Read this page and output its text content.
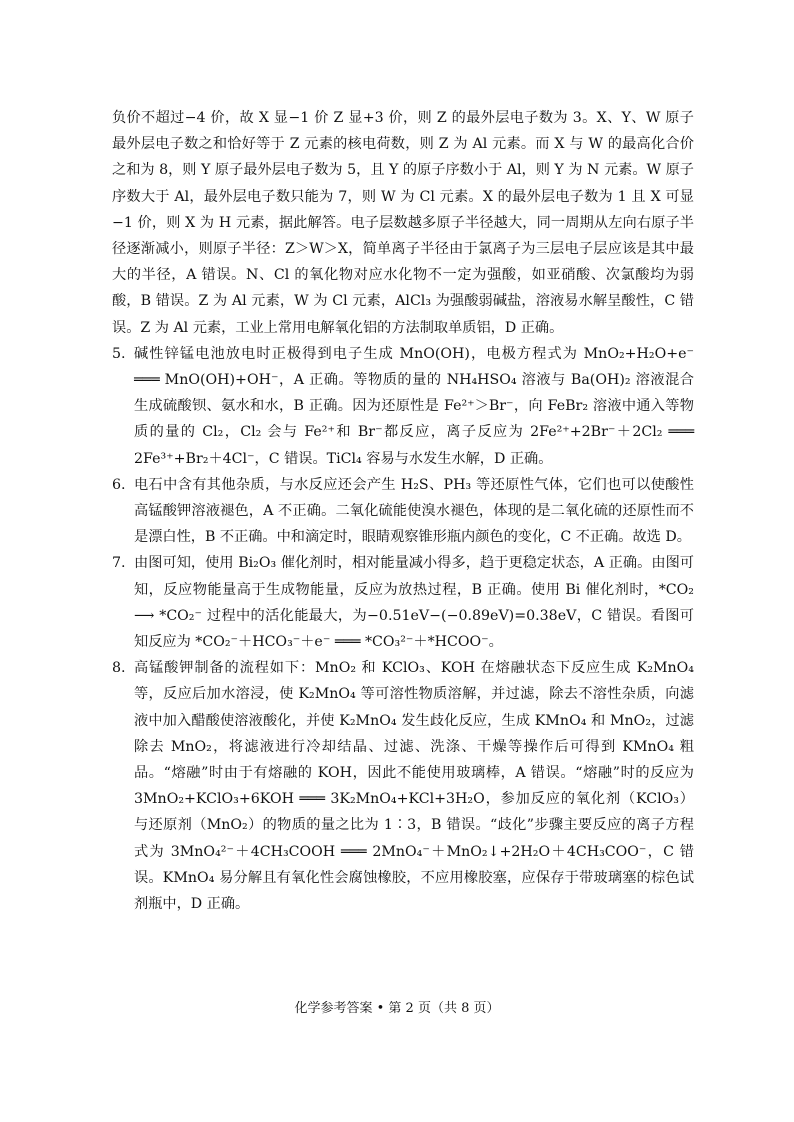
负价不超过−4 价，故 X 显−1 价 Z 显+3 价，则 Z 的最外层电子数为 3。X、Y、W 原子最外层电子数之和恰好等于 Z 元素的核电荷数，则 Z 为 Al 元素。而 X 与 W 的最高化合价之和为 8，则 Y 原子最外层电子数为 5，且 Y 的原子序数小于 Al，则 Y 为 N 元素。W 原子序数大于 Al，最外层电子数只能为 7，则 W 为 Cl 元素。X 的最外层电子数为 1 且 X 可显−1 价，则 X 为 H 元素，据此解答。电子层数越多原子半径越大，同一周期从左向右原子半径逐渐减小，则原子半径：Z＞W＞X，简单离子半径由于氯离子为三层电子层应该是其中最大的半径，A 错误。N、Cl 的氧化物对应水化物不一定为强酸，如亚硝酸、次氯酸均为弱酸，B 错误。Z 为 Al 元素，W 为 Cl 元素，AlCl₃ 为强酸弱碱盐，溶液易水解呈酸性，C 错误。Z 为 Al 元素，工业上常用电解氧化铝的方法制取单质铝，D 正确。

5. 碱性锌锰电池放电时正极得到电子生成 MnO(OH)，电极方程式为 MnO₂+H₂O+e⁻ ═══ MnO(OH)+OH⁻，A 正确。等物质的量的 NH₄HSO₄ 溶液与 Ba(OH)₂ 溶液混合生成硫酸钡、氨水和水，B 正确。因为还原性是 Fe²⁺＞Br⁻，向 FeBr₂ 溶液中通入等物质的量的 Cl₂，Cl₂ 会与 Fe²⁺和 Br⁻都反应，离子反应为 2Fe²⁺+2Br⁻＋2Cl₂ ═══ 2Fe³⁺+Br₂＋4Cl⁻，C 错误。TiCl₄ 容易与水发生水解，D 正确。
6. 电石中含有其他杂质，与水反应还会产生 H₂S、PH₃ 等还原性气体，它们也可以使酸性高锰酸钾溶液褪色，A 不正确。二氧化硫能使溴水褪色，体现的是二氧化硫的还原性而不是漂白性，B 不正确。中和滴定时，眼睛观察锥形瓶内颜色的变化，C 不正确。故选 D。
7. 由图可知，使用 Bi₂O₃ 催化剂时，相对能量减小得多，趋于更稳定状态，A 正确。由图可知，反应物能量高于生成物能量，反应为放热过程，B 正确。使用 Bi 催化剂时，*CO₂ ⟶ *CO₂⁻ 过程中的活化能最大，为−0.51eV−(−0.89eV)=0.38eV，C 错误。看图可知反应为 *CO₂⁻＋HCO₃⁻＋e⁻ ═══ *CO₃²⁻＋*HCOO⁻。
8. 高锰酸钾制备的流程如下：MnO₂ 和 KClO₃、KOH 在熔融状态下反应生成 K₂MnO₄ 等，反应后加水溶浸，使 K₂MnO₄ 等可溶性物质溶解，并过滤，除去不溶性杂质，向滤液中加入醋酸使溶液酸化，并使 K₂MnO₄ 发生歧化反应，生成 KMnO₄ 和 MnO₂，过滤除去 MnO₂，将滤液进行冷却结晶、过滤、洗涤、干燥等操作后可得到 KMnO₄ 粗品。“熔融”时由于有熔融的 KOH，因此不能使用玻璃棒，A 错误。“熔融”时的反应为 3MnO₂+KClO₃+6KOH ═══ 3K₂MnO₄+KCl+3H₂O，参加反应的氧化剂（KClO₃）与还原剂（MnO₂）的物质的量之比为 1∶3，B 错误。“歧化”步骤主要反应的离子方程式为 3MnO₄²⁻＋4CH₃COOH ═══ 2MnO₄⁻＋MnO₂↓+2H₂O＋4CH₃COO⁻，C 错误。KMnO₄ 易分解且有氧化性会腐蚀橡胶，不应用橡胶塞，应保存于带玻璃塞的棕色试剂瓶中，D 正确。
化学参考答案 • 第 2 页（共 8 页）
